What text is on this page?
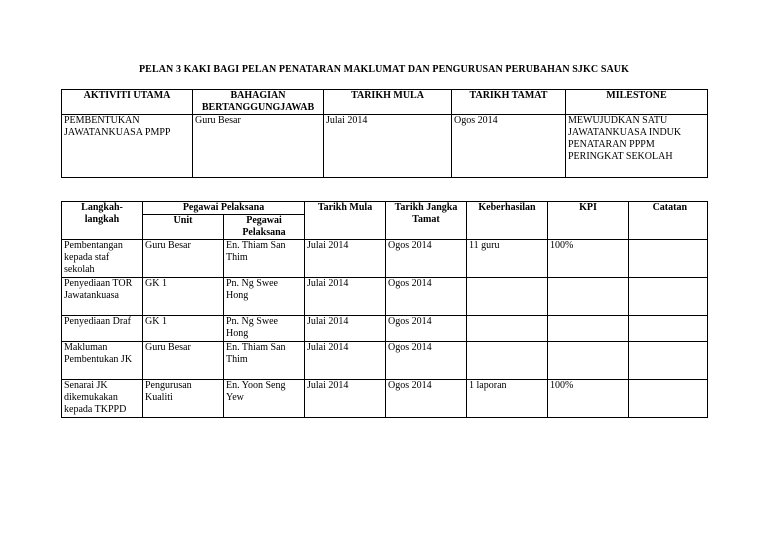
PELAN 3 KAKI BAGI PELAN PENATARAN MAKLUMAT DAN PENGURUSAN PERUBAHAN SJKC SAUK
AKTIVITI UTAMA	BAHAGIAN BERTANGGUNGJAWAB	TARIKH MULA	TARIKH TAMAT	MILESTONE
PEMBENTUKAN JAWATANKUASA PMPP	Guru Besar	Julai 2014	Ogos 2014	MEWUJUDKAN SATU JAWATANKUASA INDUK PENATARAN PPPM PERINGKAT SEKOLAH
Langkah-langkah	Pegawai Pelaksana		Tarikh Mula	Tarikh Jangka Tamat	Keberhasilan	KPI	Catatan
	Unit	Pegawai Pelaksana					
Pembentangan kepada staf sekolah	Guru Besar	En. Thiam San Thim	Julai 2014	Ogos 2014	11 guru	100%	
Penyediaan TOR Jawatankuasa	GK 1	Pn. Ng Swee Hong	Julai 2014	Ogos 2014			
Penyediaan Draf	GK 1	Pn. Ng Swee Hong	Julai 2014	Ogos 2014			
Makluman Pembentukan JK	Guru Besar	En. Thiam San Thim	Julai 2014	Ogos 2014			
Senarai JK dikemukakan kepada TKPPD	Pengurusan Kualiti	En. Yoon Seng Yew	Julai 2014	Ogos 2014	1 laporan	100%	
